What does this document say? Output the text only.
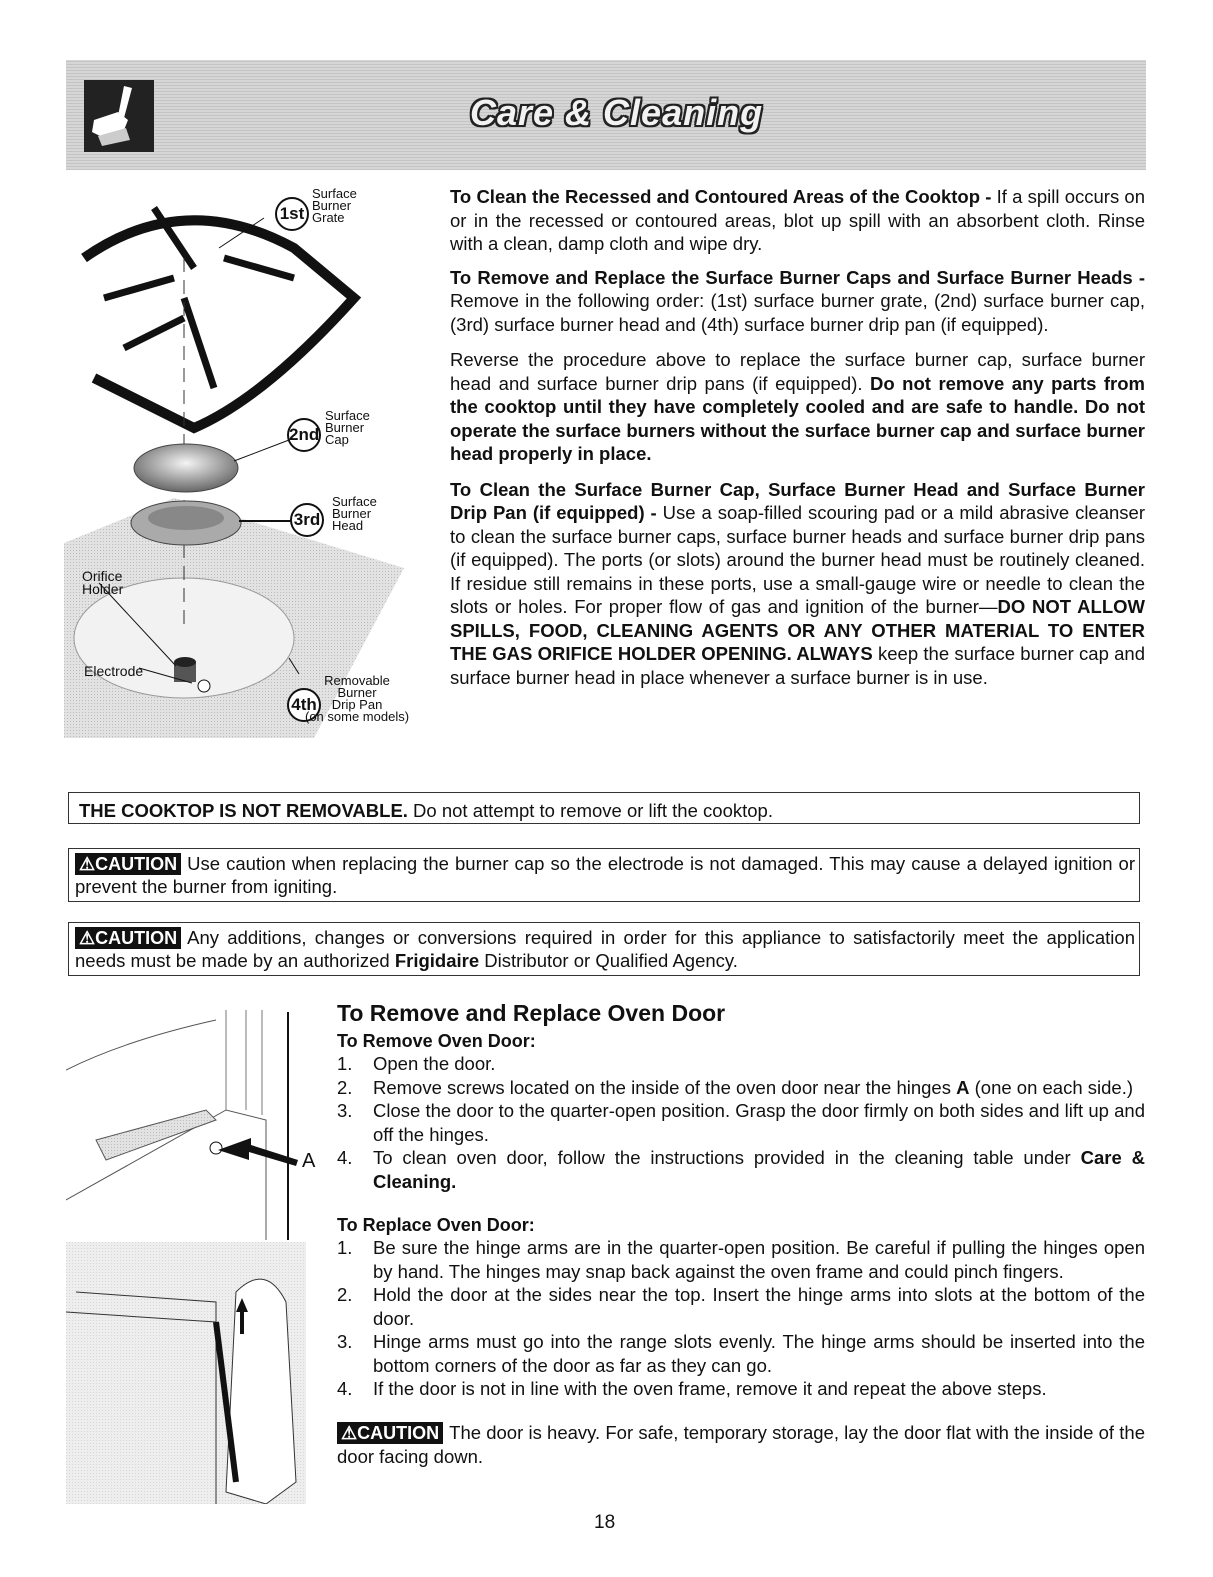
Care & Cleaning
1st
Surface
Burner
Grate
2nd
Surface
Burner
Cap
3rd
Surface
Burner
Head
Orifice
Holder
Electrode
4th
Removable
Burner
Drip Pan
(on some models)

To Clean the Recessed and Contoured Areas of the Cooktop - If a spill occurs on or in the recessed or contoured areas, blot up spill with an absorbent cloth. Rinse with a clean, damp cloth and wipe dry.

To Remove and Replace the Surface Burner Caps and Surface Burner Heads - Remove in the following order: (1st) surface burner grate, (2nd) surface burner cap, (3rd) surface burner head and (4th) surface burner drip pan (if equipped).

Reverse the procedure above to replace the surface burner cap, surface burner head and surface burner drip pans (if equipped). Do not remove any parts from the cooktop until they have completely cooled and are safe to handle. Do not operate the surface burners without the surface burner cap and surface burner head properly in place.

To Clean the Surface Burner Cap, Surface Burner Head and Surface Burner Drip Pan (if equipped) - Use a soap-filled scouring pad or a mild abrasive cleanser to clean the surface burner caps, surface burner heads and surface burner drip pans (if equipped). The ports (or slots) around the burner head must be routinely cleaned. If residue still remains in these ports, use a small-gauge wire or needle to clean the slots or holes. For proper flow of gas and ignition of the burner—DO NOT ALLOW SPILLS, FOOD, CLEANING AGENTS OR ANY OTHER MATERIAL TO ENTER THE GAS ORIFICE HOLDER OPENING. ALWAYS keep the surface burner cap and surface burner head in place whenever a surface burner is in use.

THE COOKTOP IS NOT REMOVABLE. Do not attempt to remove or lift the cooktop.
⚠CAUTION Use caution when replacing the burner cap so the electrode is not damaged. This may cause a delayed ignition or prevent the burner from igniting.
⚠CAUTION Any additions, changes or conversions required in order for this appliance to satisfactorily meet the application needs must be made by an authorized Frigidaire Distributor or Qualified Agency.
A
To Remove and Replace Oven Door
To Remove Oven Door:
1. Open the door.
2. Remove screws located on the inside of the oven door near the hinges A (one on each side.)
3. Close the door to the quarter-open position. Grasp the door firmly on both sides and lift up and off the hinges.
4. To clean oven door, follow the instructions provided in the cleaning table under Care & Cleaning.
To Replace Oven Door:
1. Be sure the hinge arms are in the quarter-open position. Be careful if pulling the hinges open by hand. The hinges may snap back against the oven frame and could pinch fingers.
2. Hold the door at the sides near the top. Insert the hinge arms into slots at the bottom of the door.
3. Hinge arms must go into the range slots evenly. The hinge arms should be inserted into the bottom corners of the door as far as they can go.
4. If the door is not in line with the oven frame, remove it and repeat the above steps.
⚠CAUTION The door is heavy. For safe, temporary storage, lay the door flat with the inside of the door facing down.
18
